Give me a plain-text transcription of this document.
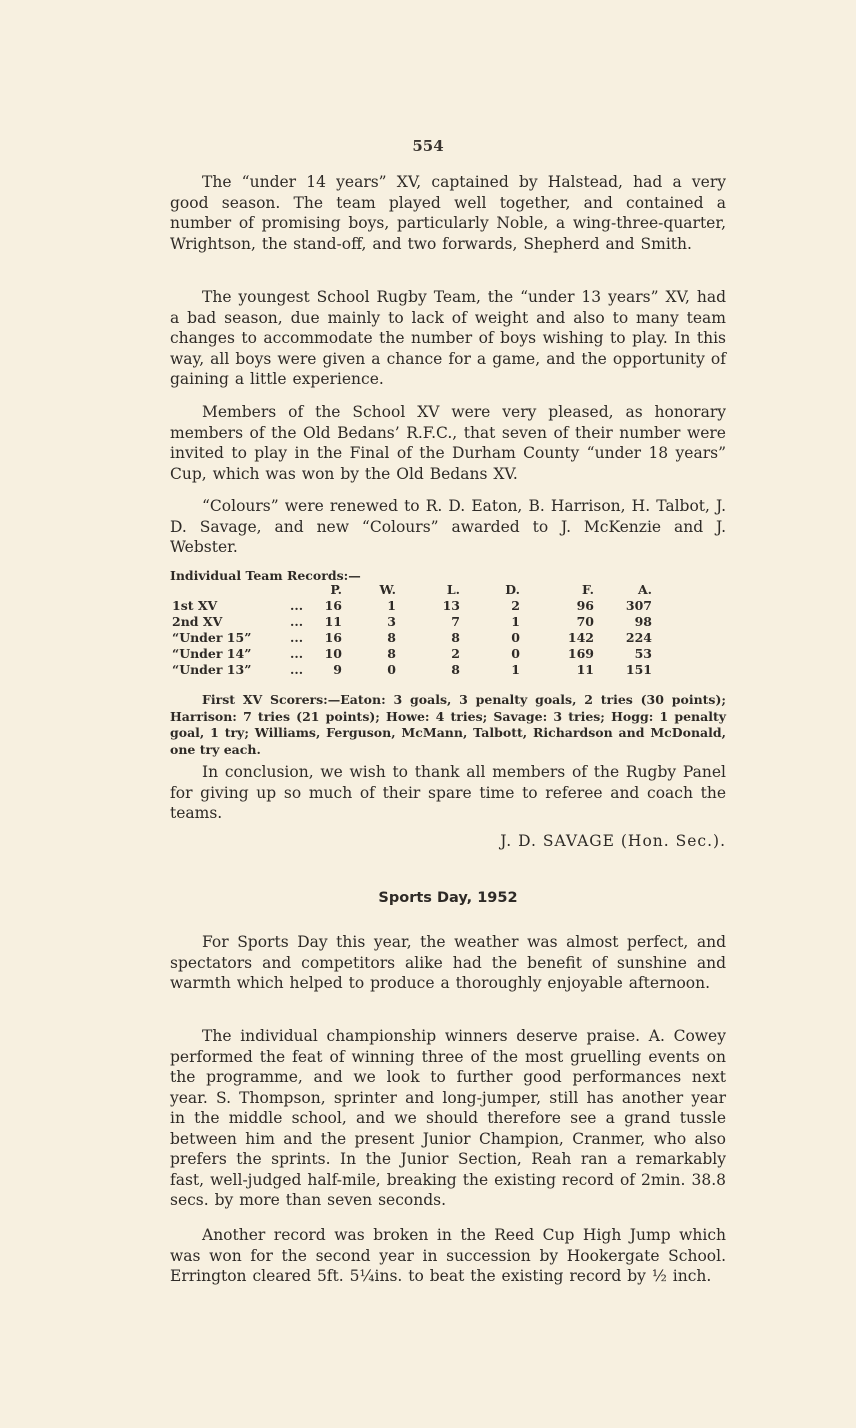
554

The “under 14 years” XV, captained by Halstead, had a very good season. The team played well together, and contained a number of promising boys, particularly Noble, a wing-three-quarter, Wrightson, the stand-off, and two forwards, Shepherd and Smith.

The youngest School Rugby Team, the “under 13 years” XV, had a bad season, due mainly to lack of weight and also to many team changes to accommodate the number of boys wishing to play. In this way, all boys were given a chance for a game, and the opportunity of gaining a little experience.

Members of the School XV were very pleased, as honorary members of the Old Bedans’ R.F.C., that seven of their number were invited to play in the Final of the Durham County “under 18 years” Cup, which was won by the Old Bedans XV.

“Colours” were renewed to R. D. Eaton, B. Harrison, H. Talbot, J. D. Savage, and new “Colours” awarded to J. McKenzie and J. Webster.

Individual Team Records:—
P.	W.	L.	D.	F.	A.
1st XV	...	16	1	13	2	96	307
2nd XV	...	11	3	7	1	70	98
“Under 15”	...	16	8	8	0	142	224
“Under 14”	...	10	8	2	0	169	53
“Under 13”	...	9	0	8	1	11	151
First XV Scorers:—Eaton: 3 goals, 3 penalty goals, 2 tries (30 points); Harrison: 7 tries (21 points); Howe: 4 tries; Savage: 3 tries; Hogg: 1 penalty goal, 1 try; Williams, Ferguson, McMann, Talbott, Richardson and McDonald, one try each.

In conclusion, we wish to thank all members of the Rugby Panel for giving up so much of their spare time to referee and coach the teams.

J. D. SAVAGE (Hon. Sec.).
Sports Day, 1952

For Sports Day this year, the weather was almost perfect, and spectators and competitors alike had the benefit of sunshine and warmth which helped to produce a thoroughly enjoyable afternoon.

The individual championship winners deserve praise. A. Cowey performed the feat of winning three of the most gruelling events on the programme, and we look to further good performances next year. S. Thompson, sprinter and long-jumper, still has another year in the middle school, and we should therefore see a grand tussle between him and the present Junior Champion, Cranmer, who also prefers the sprints. In the Junior Section, Reah ran a remarkably fast, well-judged half-mile, breaking the existing record of 2min. 38.8 secs. by more than seven seconds.

Another record was broken in the Reed Cup High Jump which was won for the second year in succession by Hookergate School. Errington cleared 5ft. 5¼ins. to beat the existing record by ½ inch.
